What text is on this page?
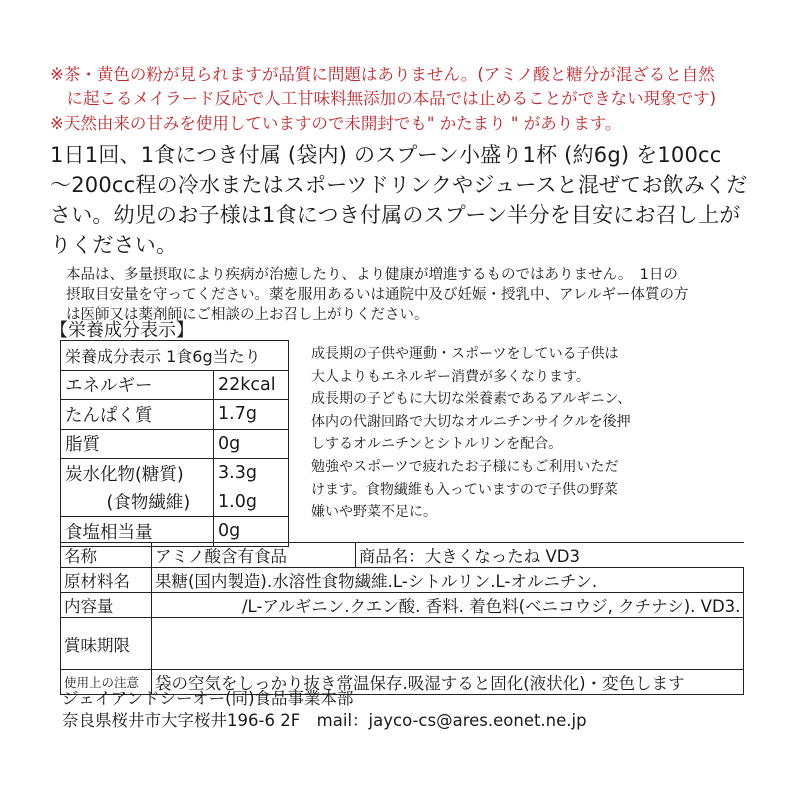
※茶・黄色の粉が見られますが品質に問題はありません。(アミノ酸と糖分が混ざると自然
　に起こるメイラード反応で人工甘味料無添加の本品では止めることができない現象です)
※天然由来の甘みを使用していますので未開封でも" かたまり " があります。
1日1回、1食につき付属 (袋内) のスプーン小盛り1杯 (約6g) を100cc
～200cc程の冷水またはスポーツドリンクやジュースと混ぜてお飲みくだ
さい。幼児のお子様は1食につき付属のスプーン半分を目安にお召し上が
りください。
本品は、多量摂取により疾病が治癒したり、より健康が増進するものではありません。　1日の
摂取目安量を守ってください。薬を服用あるいは通院中及び妊娠・授乳中、アレルギー体質の方
は医師又は薬剤師にご相談の上お召し上がりください。
【栄養成分表示】
栄養成分表示 1食6g当たり	
エネルギー	22kcal
たんぱく質	1.7g
脂質	0g
炭水化物(糖質)	3.3g
　(食物繊維)	1.0g
食塩相当量	0g
成長期の子供や運動・スポーツをしている子供は
大人よりもエネルギー消費が多くなります。
成長期の子どもに大切な栄養素であるアルギニン、
体内の代謝回路で大切なオルニチンサイクルを後押
しするオルニチンとシトルリンを配合。
勉強やスポーツで疲れたお子様にもご利用いただ
けます。食物繊維も入っていますので子供の野菜
嫌いや野菜不足に。
名称	アミノ酸含有食品	商品名：大きくなったね VD3
原材料名	果糖(国内製造).水溶性食物繊維.L-シトルリン.L-オルニチン.	
内容量	/L-アルギニン.クエン酸. 香料. 着色料(ベニコウジ, クチナシ). VD3.	
賞味期限		
使用上の注意	袋の空気をしっかり抜き常温保存.吸湿すると固化(液状化)・変色します	
ジェイアンドシーオー(同)食品事業本部
奈良県桜井市大字桜井196-6 2F　mail：jayco-cs@ares.eonet.ne.jp
